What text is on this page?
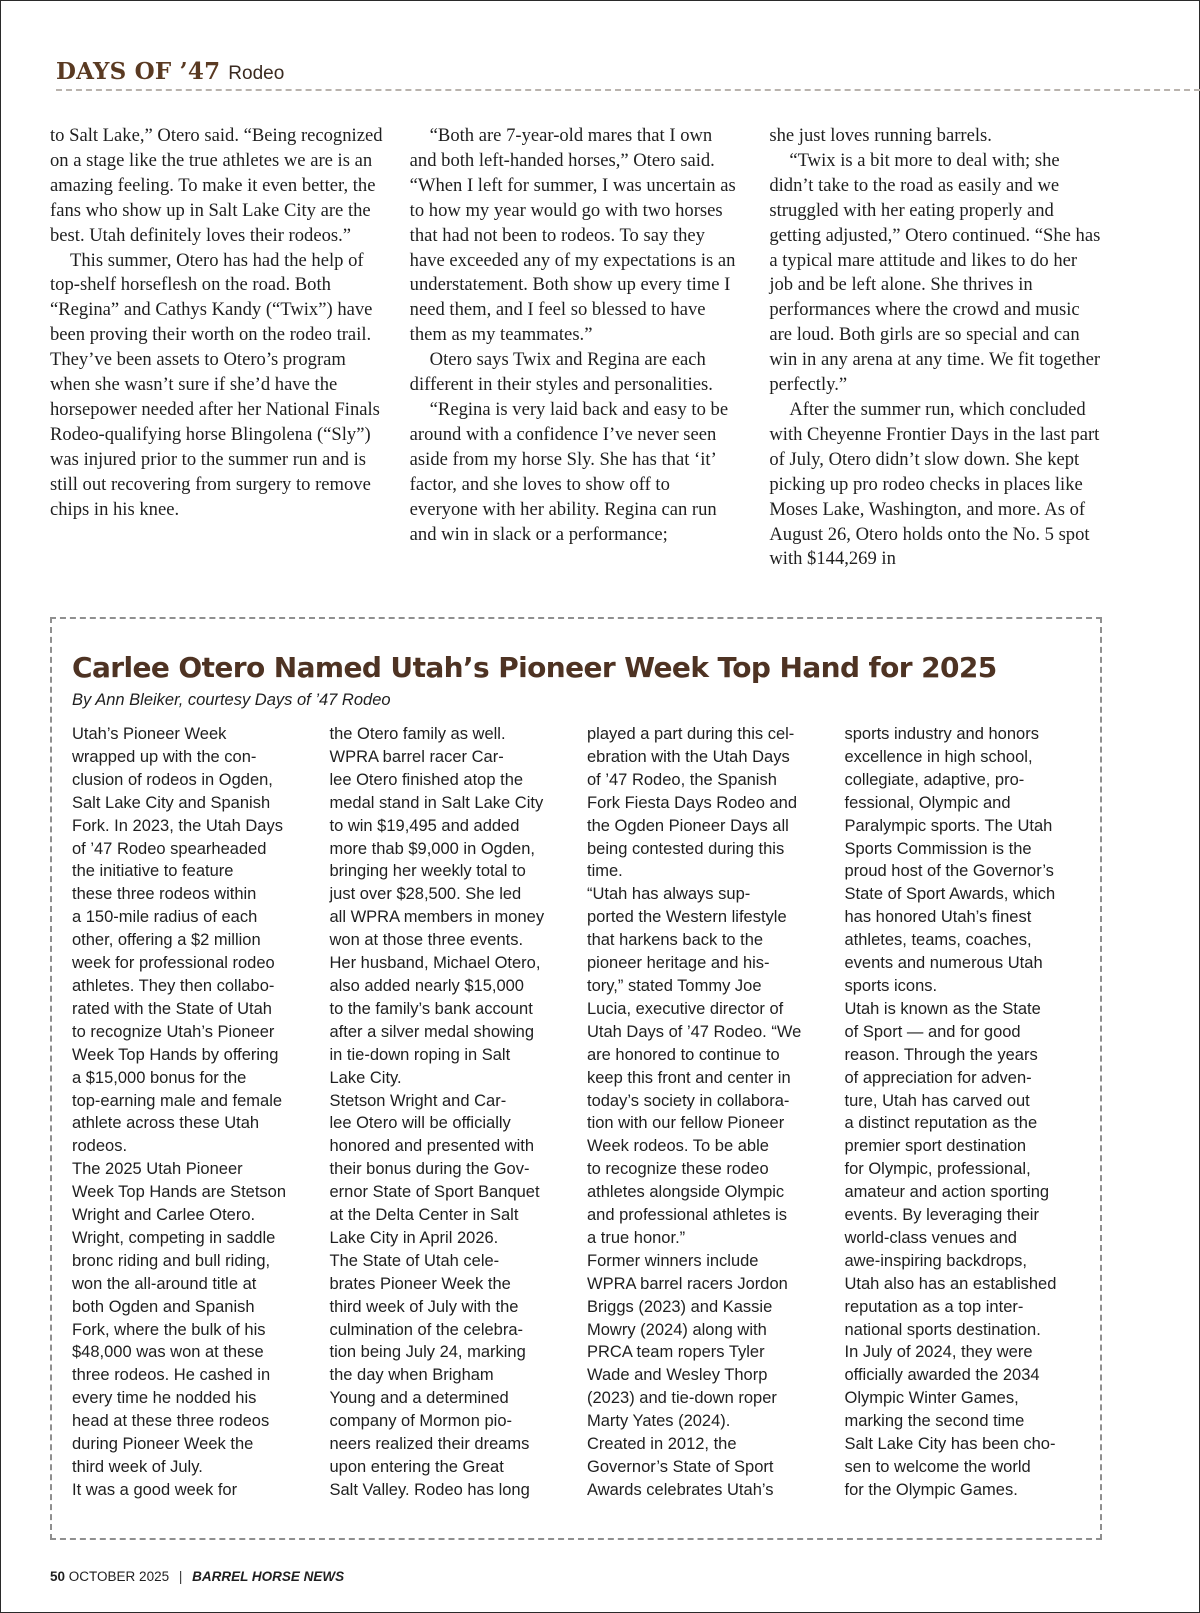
DAYS OF ’47 Rodeo

to Salt Lake,” Otero said. “Being recognized on a stage like the true athletes we are is an amazing feeling. To make it even better, the fans who show up in Salt Lake City are the best. Utah definitely loves their rodeos.”

This summer, Otero has had the help of top-shelf horseflesh on the road. Both “Regina” and Cathys Kandy (“Twix”) have been proving their worth on the rodeo trail. They’ve been assets to Otero’s program when she wasn’t sure if she’d have the horsepower needed after her National Finals Rodeo-qualifying horse Blingolena (“Sly”) was injured prior to the summer run and is still out recovering from surgery to remove chips in his knee.

“Both are 7-year-old mares that I own and both left-handed horses,” Otero said. “When I left for summer, I was uncertain as to how my year would go with two horses that had not been to rodeos. To say they have exceeded any of my expectations is an understatement. Both show up every time I need them, and I feel so blessed to have them as my teammates.”

Otero says Twix and Regina are each different in their styles and personalities.

“Regina is very laid back and easy to be around with a confidence I’ve never seen aside from my horse Sly. She has that ‘it’ factor, and she loves to show off to everyone with her ability. Regina can run and win in slack or a performance;

she just loves running barrels.

“Twix is a bit more to deal with; she didn’t take to the road as easily and we struggled with her eating properly and getting adjusted,” Otero continued. “She has a typical mare attitude and likes to do her job and be left alone. She thrives in performances where the crowd and music are loud. Both girls are so special and can win in any arena at any time. We fit together perfectly.”

After the summer run, which concluded with Cheyenne Frontier Days in the last part of July, Otero didn’t slow down. She kept picking up pro rodeo checks in places like Moses Lake, Washington, and more. As of August 26, Otero holds onto the No. 5 spot with $144,269 in

Carlee Otero Named Utah’s Pioneer Week Top Hand for 2025
By Ann Bleiker, courtesy Days of ’47 Rodeo
Utah’s Pioneer Week
wrapped up with the con-
clusion of rodeos in Ogden,
Salt Lake City and Spanish
Fork. In 2023, the Utah Days
of ’47 Rodeo spearheaded
the initiative to feature
these three rodeos within
a 150-mile radius of each
other, offering a $2 million
week for professional rodeo
athletes. They then collabo-
rated with the State of Utah
to recognize Utah’s Pioneer
Week Top Hands by offering
a $15,000 bonus for the
top-earning male and female
athlete across these Utah
rodeos.
The 2025 Utah Pioneer
Week Top Hands are Stetson
Wright and Carlee Otero.
Wright, competing in saddle
bronc riding and bull riding,
won the all-around title at
both Ogden and Spanish
Fork, where the bulk of his
$48,000 was won at these
three rodeos. He cashed in
every time he nodded his
head at these three rodeos
during Pioneer Week the
third week of July.
It was a good week for
the Otero family as well.
WPRA barrel racer Car-
lee Otero finished atop the
medal stand in Salt Lake City
to win $19,495 and added
more thab $9,000 in Ogden,
bringing her weekly total to
just over $28,500. She led
all WPRA members in money
won at those three events.
Her husband, Michael Otero,
also added nearly $15,000
to the family’s bank account
after a silver medal showing
in tie-down roping in Salt
Lake City.
Stetson Wright and Car-
lee Otero will be officially
honored and presented with
their bonus during the Gov-
ernor State of Sport Banquet
at the Delta Center in Salt
Lake City in April 2026.
The State of Utah cele-
brates Pioneer Week the
third week of July with the
culmination of the celebra-
tion being July 24, marking
the day when Brigham
Young and a determined
company of Mormon pio-
neers realized their dreams
upon entering the Great
Salt Valley. Rodeo has long
played a part during this cel-
ebration with the Utah Days
of ’47 Rodeo, the Spanish
Fork Fiesta Days Rodeo and
the Ogden Pioneer Days all
being contested during this
time.
“Utah has always sup-
ported the Western lifestyle
that harkens back to the
pioneer heritage and his-
tory,” stated Tommy Joe
Lucia, executive director of
Utah Days of ’47 Rodeo. “We
are honored to continue to
keep this front and center in
today’s society in collabora-
tion with our fellow Pioneer
Week rodeos. To be able
to recognize these rodeo
athletes alongside Olympic
and professional athletes is
a true honor.”
Former winners include
WPRA barrel racers Jordon
Briggs (2023) and Kassie
Mowry (2024) along with
PRCA team ropers Tyler
Wade and Wesley Thorp
(2023) and tie-down roper
Marty Yates (2024).
Created in 2012, the
Governor’s State of Sport
Awards celebrates Utah’s
sports industry and honors
excellence in high school,
collegiate, adaptive, pro-
fessional, Olympic and
Paralympic sports. The Utah
Sports Commission is the
proud host of the Governor’s
State of Sport Awards, which
has honored Utah’s finest
athletes, teams, coaches,
events and numerous Utah
sports icons.
Utah is known as the State
of Sport — and for good
reason. Through the years
of appreciation for adven-
ture, Utah has carved out
a distinct reputation as the
premier sport destination
for Olympic, professional,
amateur and action sporting
events. By leveraging their
world-class venues and
awe-inspiring backdrops,
Utah also has an established
reputation as a top inter-
national sports destination.
In July of 2024, they were
officially awarded the 2034
Olympic Winter Games,
marking the second time
Salt Lake City has been cho-
sen to welcome the world
for the Olympic Games.
50 OCTOBER 2025 | BARREL HORSE NEWS
